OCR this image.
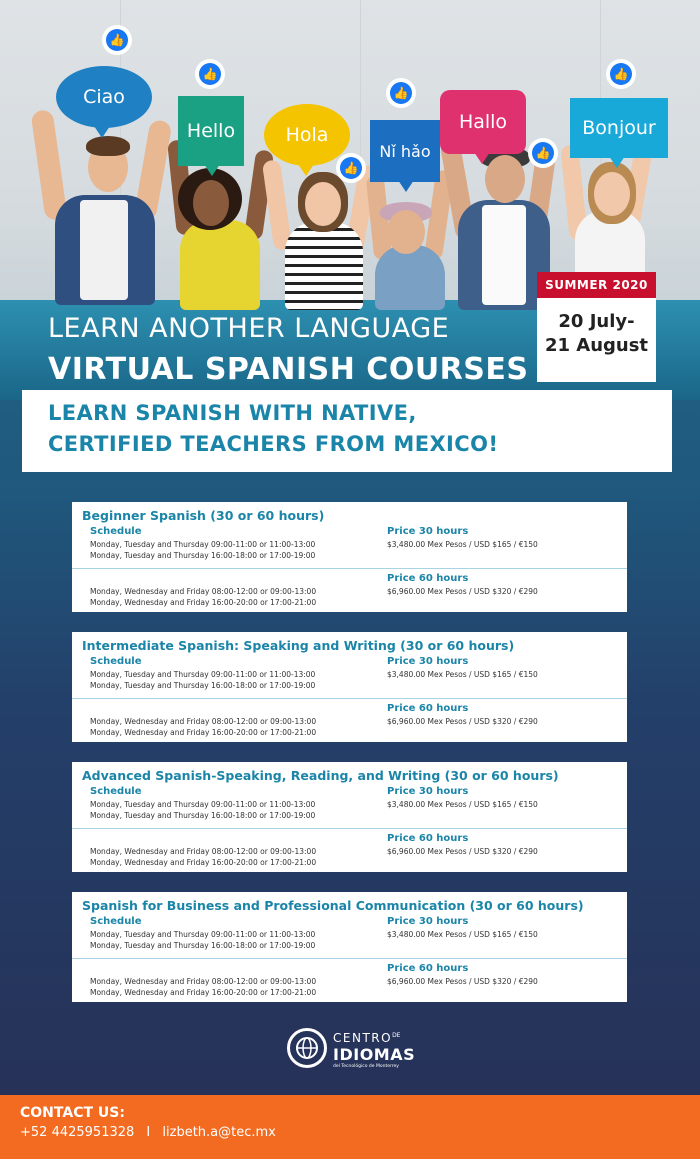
Ciao
Hello	Hola
Nǐ hǎo
Hallo	Bonjour
👍
👍
👍
👍
👍
👍
LEARN ANOTHER LANGUAGE
VIRTUAL SPANISH COURSES
SUMMER 2020
20 July-
21 August
LEARN SPANISH WITH NATIVE,
CERTIFIED TEACHERS FROM MEXICO!
Beginner Spanish (30 or 60 hours)
Schedule
Monday, Tuesday and Thursday 09:00-11:00 or 11:00-13:00
Monday, Tuesday and Thursday 16:00-18:00 or 17:00-19:00
Price 30 hours
$3,480.00 Mex Pesos / USD $165 / €150
Price 60 hours
$6,960.00 Mex Pesos / USD $320 / €290
Monday, Wednesday and Friday 08:00-12:00 or 09:00-13:00
Monday, Wednesday and Friday 16:00-20:00 or 17:00-21:00
Intermediate Spanish: Speaking and Writing (30 or 60 hours)
Schedule
Monday, Tuesday and Thursday 09:00-11:00 or 11:00-13:00
Monday, Tuesday and Thursday 16:00-18:00 or 17:00-19:00
Price 30 hours
$3,480.00 Mex Pesos / USD $165 / €150
Price 60 hours
$6,960.00 Mex Pesos / USD $320 / €290
Monday, Wednesday and Friday 08:00-12:00 or 09:00-13:00
Monday, Wednesday and Friday 16:00-20:00 or 17:00-21:00
Advanced Spanish-Speaking, Reading, and Writing (30 or 60 hours)
Schedule
Monday, Tuesday and Thursday 09:00-11:00 or 11:00-13:00
Monday, Tuesday and Thursday 16:00-18:00 or 17:00-19:00
Price 30 hours
$3,480.00 Mex Pesos / USD $165 / €150
Price 60 hours
$6,960.00 Mex Pesos / USD $320 / €290
Monday, Wednesday and Friday 08:00-12:00 or 09:00-13:00
Monday, Wednesday and Friday 16:00-20:00 or 17:00-21:00
Spanish for Business and Professional Communication (30 or 60 hours)
Schedule
Monday, Tuesday and Thursday 09:00-11:00 or 11:00-13:00
Monday, Tuesday and Thursday 16:00-18:00 or 17:00-19:00
Price 30 hours
$3,480.00 Mex Pesos / USD $165 / €150
Price 60 hours
$6,960.00 Mex Pesos / USD $320 / €290
Monday, Wednesday and Friday 08:00-12:00 or 09:00-13:00
Monday, Wednesday and Friday 16:00-20:00 or 17:00-21:00
$CENTRO^{DE}$
IDIOMAS
del Tecnológico de Monterrey
CONTACT US:
+52 4425951328 I lizbeth.a@tec.mx
